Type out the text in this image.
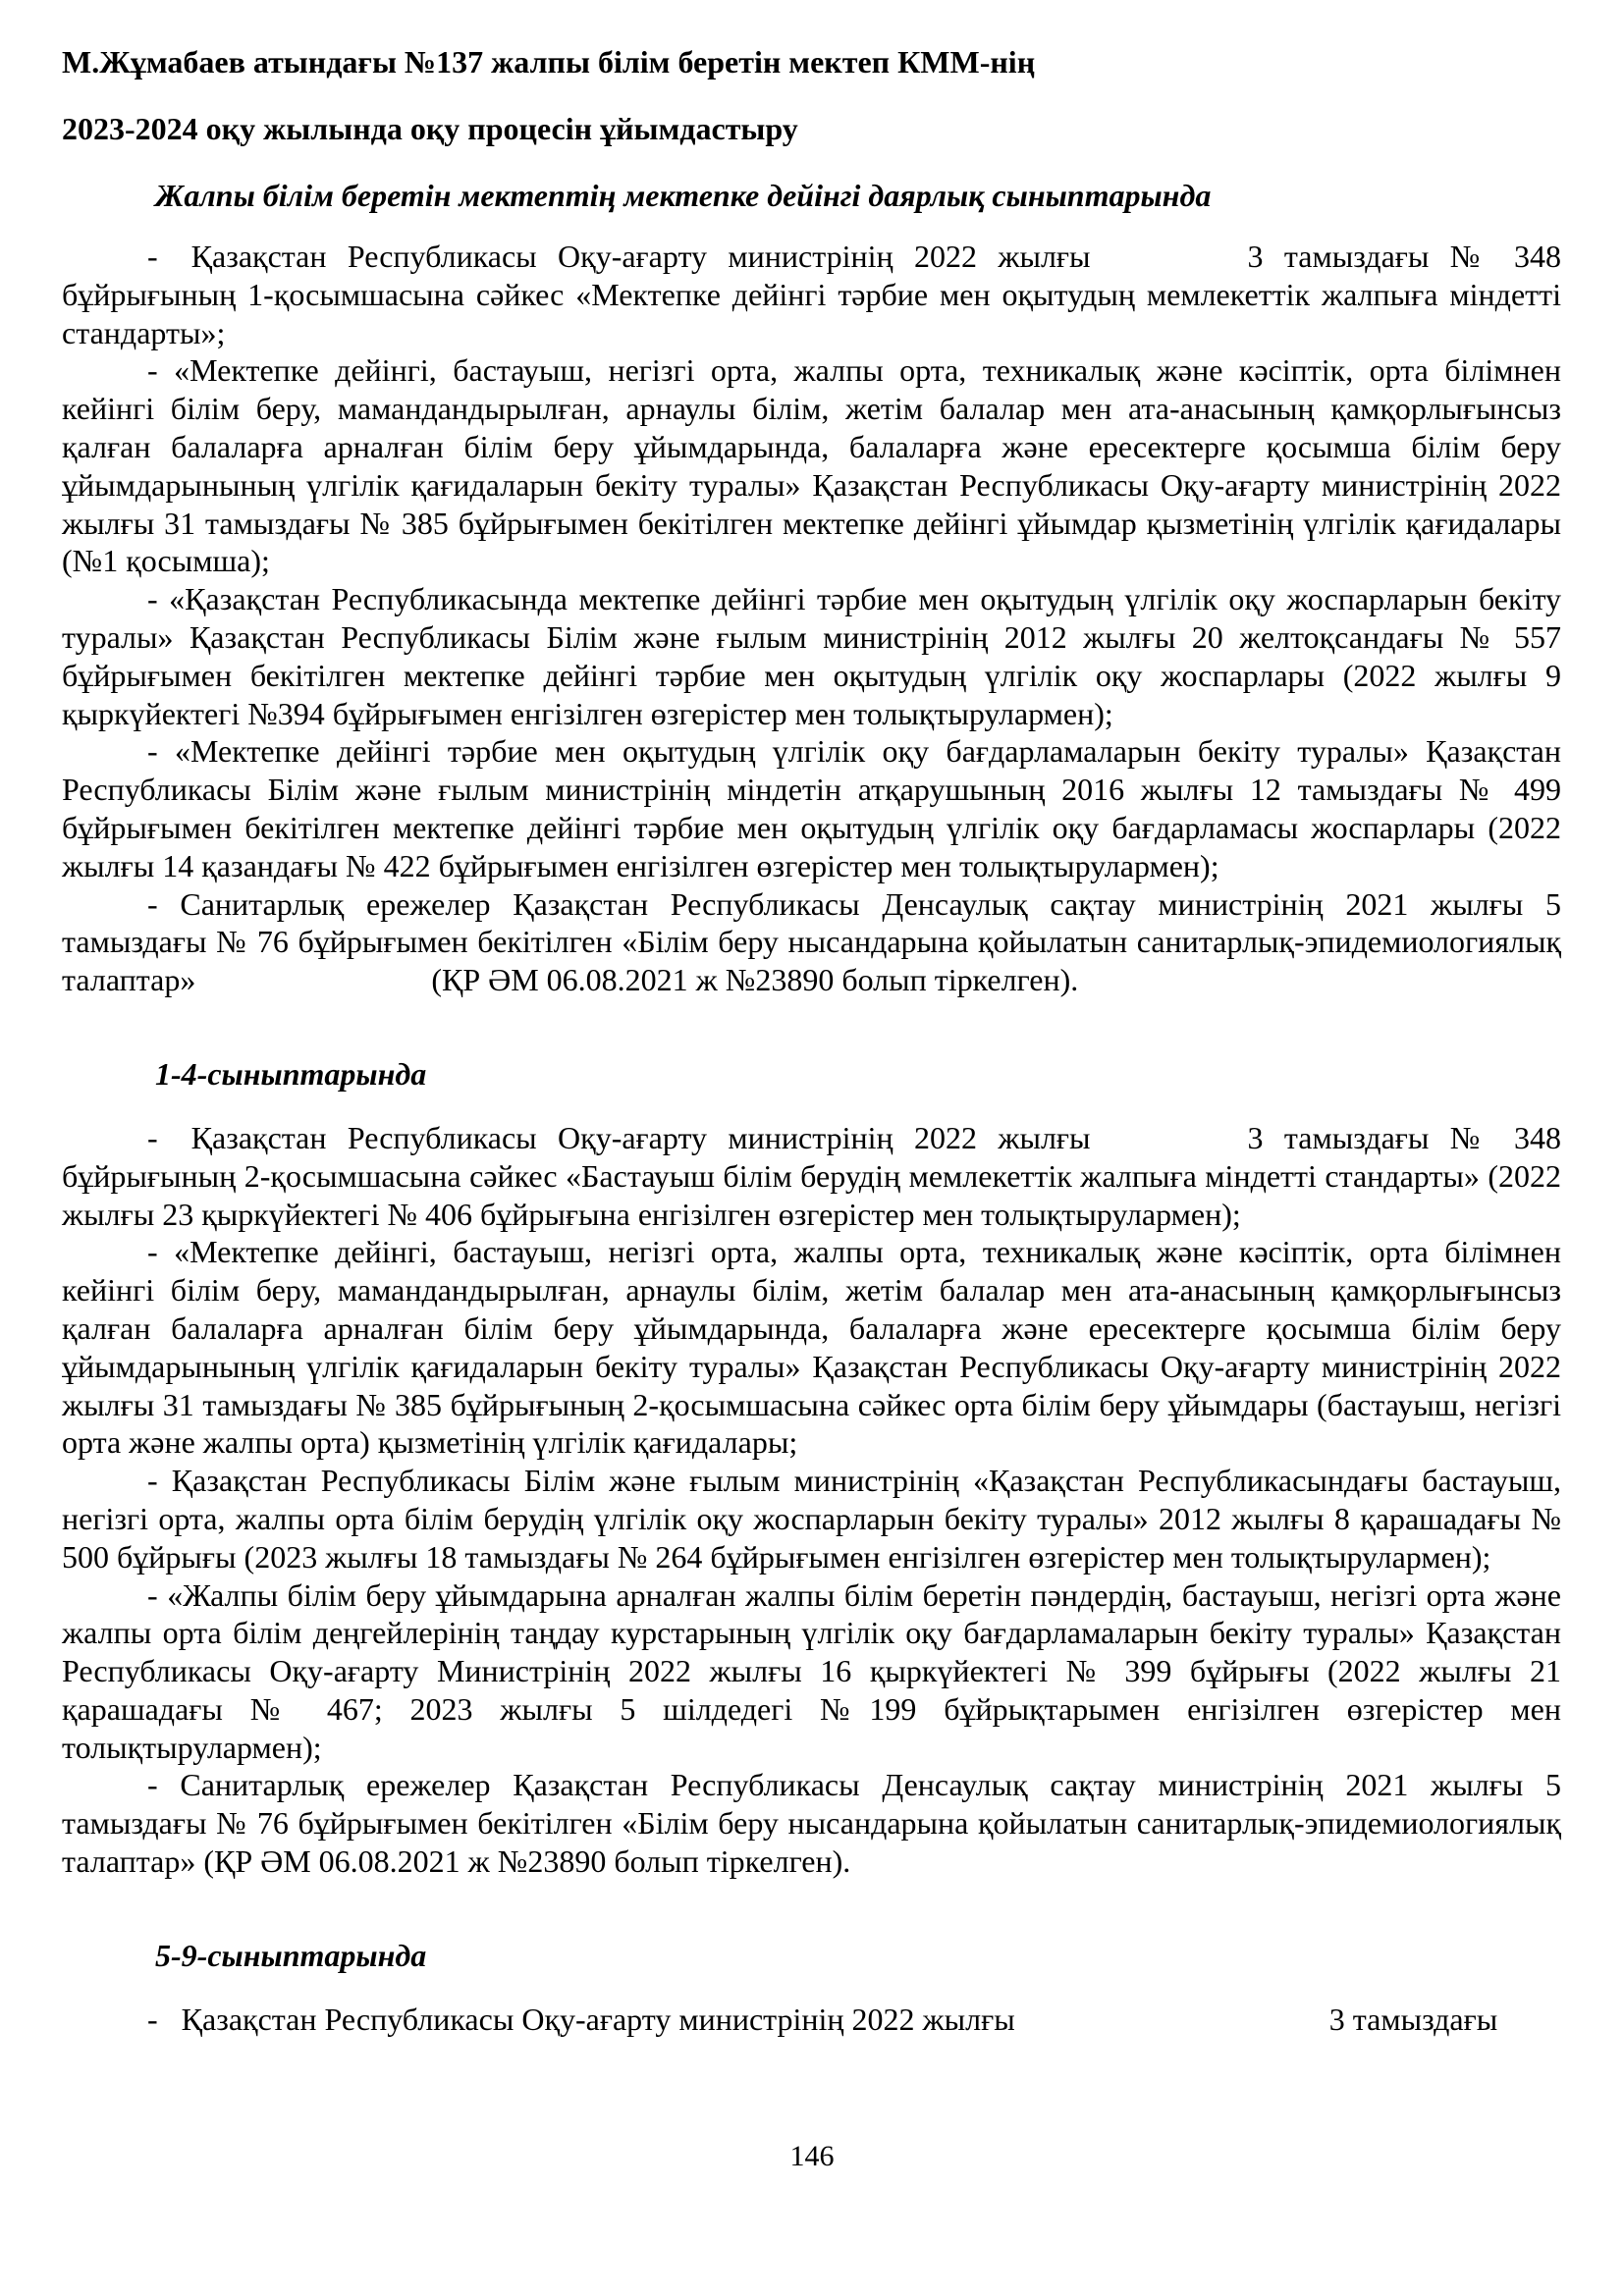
М.Жұмабаев атындағы №137 жалпы білім беретін мектеп КММ-нің

2023-2024 оқу жылында оқу процесін ұйымдастыру

Жалпы білім беретін мектептің мектепке дейінгі даярлық сыныптарында

- Қазақстан Республикасы Оқу-ағарту министрінің 2022 жылғы	3 тамыздағы № 348 бұйрығының 1-қосымшасына сәйкес «Мектепке дейінгі тәрбие мен оқытудың мемлекеттік жалпыға міндетті стандарты»;

- «Мектепке дейінгі, бастауыш, негізгі орта, жалпы орта, техникалық және кәсіптік, орта білімнен кейінгі білім беру, мамандандырылған, арнаулы білім, жетім балалар мен ата-анасының қамқорлығынсыз қалған балаларға арналған білім беру ұйымдарында, балаларға және ересектерге қосымша білім беру ұйымдарынының үлгілік қағидаларын бекіту туралы» Қазақстан Республикасы Оқу-ағарту министрінің 2022 жылғы 31 тамыздағы № 385 бұйрығымен бекітілген мектепке дейінгі ұйымдар қызметінің үлгілік қағидалары (№1 қосымша);

- «Қазақстан Республикасында мектепке дейінгі тәрбие мен оқытудың үлгілік оқу жоспарларын бекіту туралы» Қазақстан Республикасы Білім және ғылым министрінің 2012 жылғы 20 желтоқсандағы № 557 бұйрығымен бекітілген мектепке дейінгі тәрбие мен оқытудың үлгілік оқу жоспарлары (2022 жылғы 9 қыркүйектегі №394 бұйрығымен енгізілген өзгерістер мен толықтырулармен);

- «Мектепке дейінгі тәрбие мен оқытудың үлгілік оқу бағдарламаларын бекіту туралы» Қазақстан Республикасы Білім және ғылым министрінің міндетін атқарушының 2016 жылғы 12 тамыздағы № 499 бұйрығымен бекітілген мектепке дейінгі тәрбие мен оқытудың үлгілік оқу бағдарламасы жоспарлары (2022 жылғы 14 қазандағы № 422 бұйрығымен енгізілген өзгерістер мен толықтырулармен);

- Санитарлық ережелер Қазақстан Республикасы Денсаулық сақтау министрінің 2021 жылғы 5 тамыздағы № 76 бұйрығымен бекітілген «Білім беру нысандарына қойылатын санитарлық-эпидемиологиялық талаптар»	(ҚР ӘМ 06.08.2021 ж №23890 болып тіркелген).

1-4-сыныптарында

- Қазақстан Республикасы Оқу-ағарту министрінің 2022 жылғы	3 тамыздағы № 348 бұйрығының 2-қосымшасына сәйкес «Бастауыш білім берудің мемлекеттік жалпыға міндетті стандарты» (2022 жылғы 23 қыркүйектегі № 406 бұйрығына енгізілген өзгерістер мен толықтырулармен);

- «Мектепке дейінгі, бастауыш, негізгі орта, жалпы орта, техникалық және кәсіптік, орта білімнен кейінгі білім беру, мамандандырылған, арнаулы білім, жетім балалар мен ата-анасының қамқорлығынсыз қалған балаларға арналған білім беру ұйымдарында, балаларға және ересектерге қосымша білім беру ұйымдарынының үлгілік қағидаларын бекіту туралы» Қазақстан Республикасы Оқу-ағарту министрінің 2022 жылғы 31 тамыздағы № 385 бұйрығының 2-қосымшасына сәйкес орта білім беру ұйымдары (бастауыш, негізгі орта және жалпы орта) қызметінің үлгілік қағидалары;

- Қазақстан Республикасы Білім және ғылым министрінің «Қазақстан Республикасындағы бастауыш, негізгі орта, жалпы орта білім берудің үлгілік оқу жоспарларын бекіту туралы» 2012 жылғы 8 қарашадағы № 500 бұйрығы (2023 жылғы 18 тамыздағы № 264 бұйрығымен енгізілген өзгерістер мен толықтырулармен);

- «Жалпы білім беру ұйымдарына арналған жалпы білім беретін пәндердің, бастауыш, негізгі орта және жалпы орта білім деңгейлерінің таңдау курстарының үлгілік оқу бағдарламаларын бекіту туралы» Қазақстан Республикасы Оқу-ағарту Министрінің 2022 жылғы 16 қыркүйектегі № 399 бұйрығы (2022 жылғы 21 қарашадағы № 467; 2023 жылғы 5 шілдедегі №199 бұйрықтарымен енгізілген өзгерістер мен толықтырулармен);

- Санитарлық ережелер Қазақстан Республикасы Денсаулық сақтау министрінің 2021 жылғы 5 тамыздағы № 76 бұйрығымен бекітілген «Білім беру нысандарына қойылатын санитарлық-эпидемиологиялық талаптар» (ҚР ӘМ 06.08.2021 ж №23890 болып тіркелген).

5-9-сыныптарында

- Қазақстан Республикасы Оқу-ағарту министрінің 2022 жылғы	3 тамыздағы

146
